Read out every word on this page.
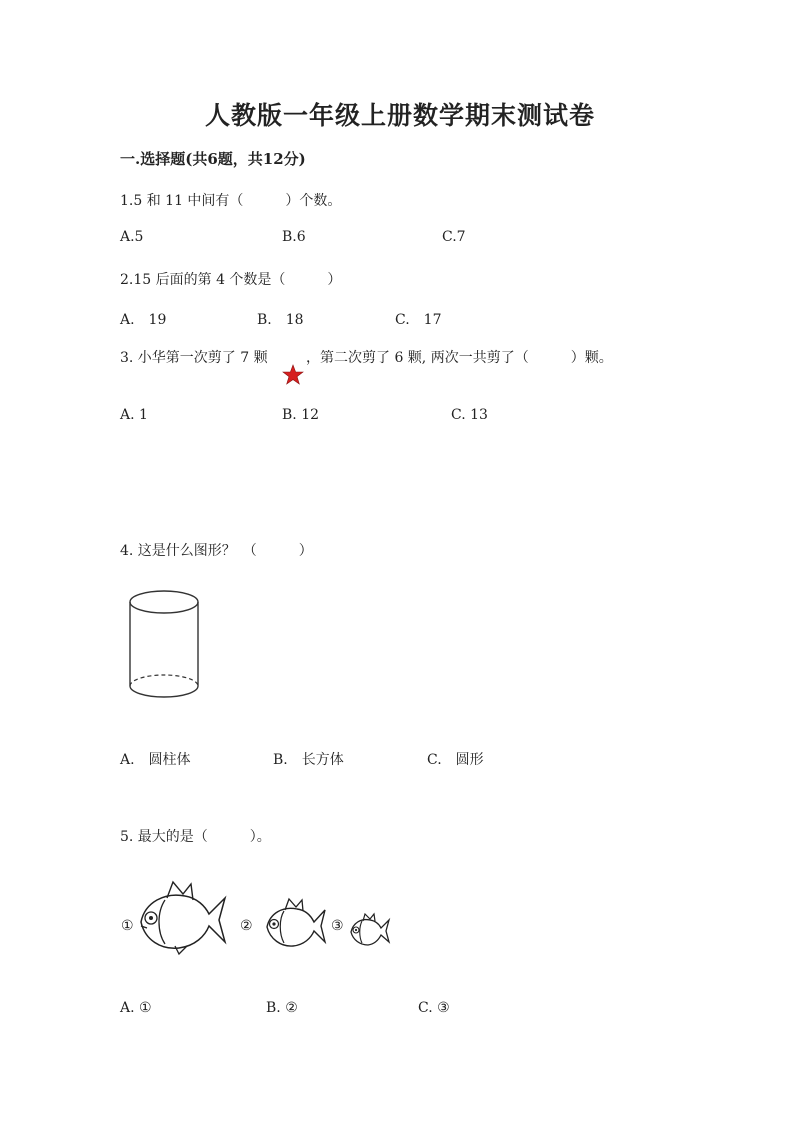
人教版一年级上册数学期末测试卷
一.选择题(共6题，共12分)
1.5 和 11 中间有（　　　）个数。
A.5	B.6	C.7
2.15 后面的第 4 个数是（　　　）
A.　19	B.　18	C.　17
3. 小华第一次剪了 7 颗	，第二次剪了 6 颗, 两次一共剪了（　　　）颗。
A. 1	B. 12	C. 13
4. 这是什么图形？　（　　　）
A.　圆柱体	B.　长方体	C.　圆形
5. 最大的是（　　　）。
①	②	③
A. ①	B. ②	C. ③
